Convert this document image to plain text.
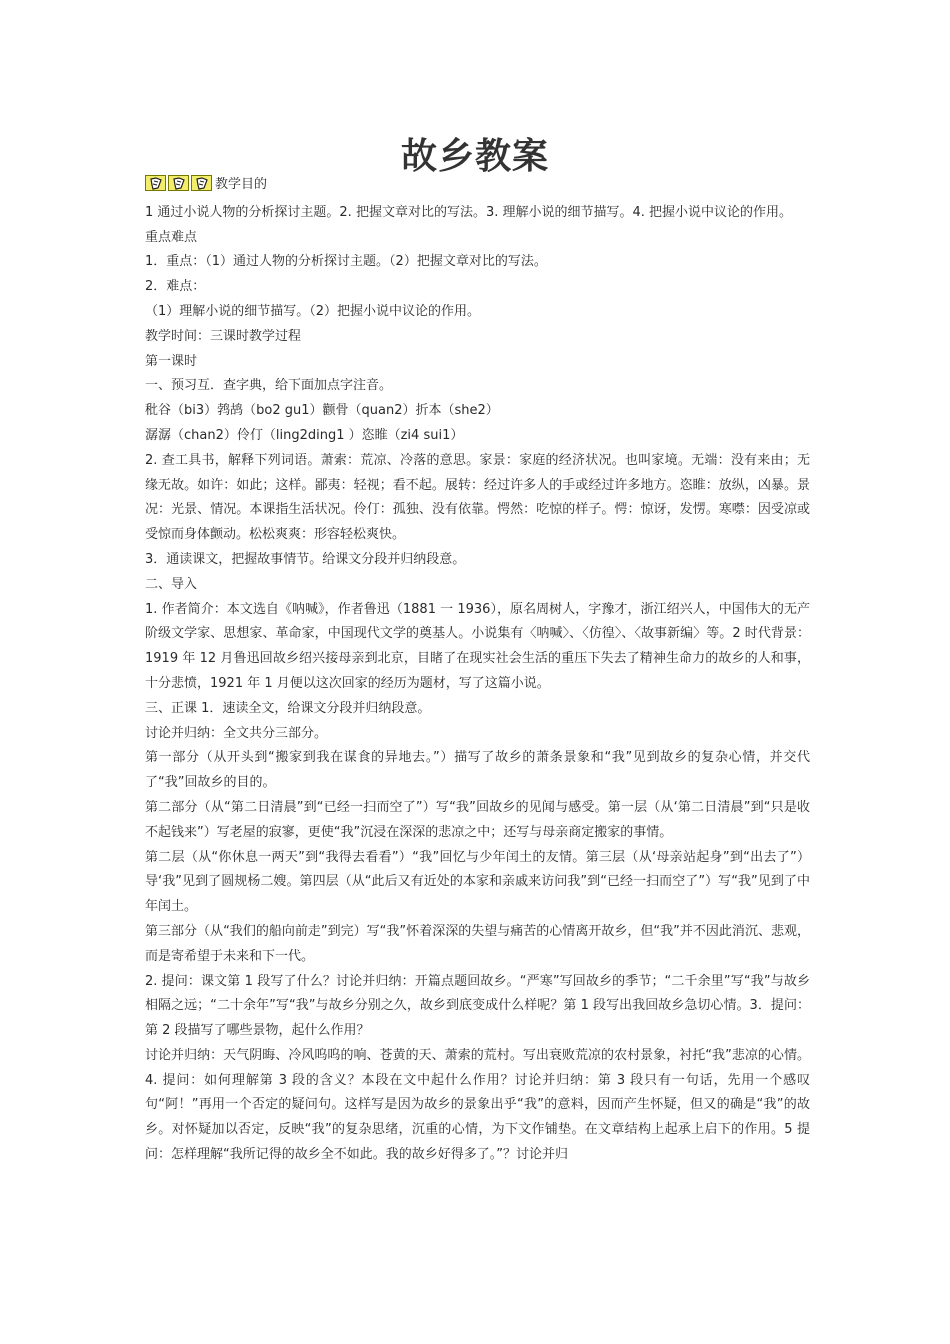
故乡教案

教学目的

1 通过小说人物的分析探讨主题。2. 把握文章对比的写法。3. 理解小说的细节描写。4. 把握小说中议论的作用。

重点难点

1．重点：（1）通过人物的分析探讨主题。（2）把握文章对比的写法。

2．难点：

（1）理解小说的细节描写。（2）把握小说中议论的作用。

教学时间：三课时教学过程

第一课时

一、预习互．查字典，给下面加点字注音。

秕谷（bi3）鹁鸪（bo2 gu1）颧骨（quan2）折本（she2）

潺潺（chan2）伶仃（ling2ding1 ）恣睢（zi4 sui1）

2. 查工具书，解释下列词语。萧索：荒凉、冷落的意思。家景：家庭的经济状况。也叫家境。无端：没有来由；无缘无故。如许：如此；这样。鄙夷：轻视；看不起。展转：经过许多人的手或经过许多地方。恣睢：放纵，凶暴。景况：光景、情况。本课指生活状况。伶仃：孤独、没有依靠。愕然：吃惊的样子。愕：惊讶，发愣。寒噤：因受凉或受惊而身体颤动。松松爽爽：形容轻松爽快。

3．通读课文，把握故事情节。给课文分段并归纳段意。

二、导入

1. 作者简介：本文选自《呐喊》，作者鲁迅（1881 一 1936），原名周树人，字豫才，浙江绍兴人，中国伟大的无产阶级文学家、思想家、革命家，中国现代文学的奠基人。小说集有〈呐喊〉、〈仿徨〉、〈故事新编〉等。2 时代背景：1919 年 12 月鲁迅回故乡绍兴接母亲到北京，目睹了在现实社会生活的重压下失去了精神生命力的故乡的人和事，十分悲愤，1921 年 1 月便以这次回家的经历为题材，写了这篇小说。

三、正课 1．速读全文，给课文分段并归纳段意。

讨论并归纳：全文共分三部分。

第一部分（从开头到“搬家到我在谋食的异地去。”）描写了故乡的萧条景象和“我”见到故乡的复杂心情，并交代了“我”回故乡的目的。

第二部分（从“第二日清晨”到“已经一扫而空了”）写“我”回故乡的见闻与感受。第一层（从‘第二日清晨”到“只是收不起钱来”）写老屋的寂寥，更使“我”沉浸在深深的悲凉之中；还写与母亲商定搬家的事情。

第二层（从“你休息一两天”到“我得去看看”）“我”回忆与少年闰土的友情。第三层（从‘母亲站起身”到“出去了”）导‘我”见到了圆规杨二嫂。第四层（从“此后又有近处的本家和亲戚来访问我”到“已经一扫而空了”）写“我”见到了中年闰土。

第三部分（从“我们的船向前走”到完）写“我”怀着深深的失望与痛苦的心情离开故乡，但“我”并不因此消沉、悲观，而是寄希望于未来和下一代。

2. 提问：课文第 1 段写了什么？讨论并归纳：开篇点题回故乡。“严寒”写回故乡的季节；“二千余里”写“我”与故乡相隔之远；“二十余年”写“我”与故乡分别之久，故乡到底变成什么样呢？第 1 段写出我回故乡急切心情。3．提问：第 2 段描写了哪些景物，起什么作用？

讨论并归纳：天气阴晦、冷风呜呜的响、苍黄的天、萧索的荒村。写出衰败荒凉的农村景象，衬托“我”悲凉的心情。4. 提问：如何理解第 3 段的含义？本段在文中起什么作用？讨论并归纳：第 3 段只有一句话，先用一个感叹句“阿！”再用一个否定的疑问句。这样写是因为故乡的景象出乎“我”的意料，因而产生怀疑，但又的确是“我”的故乡。对怀疑加以否定，反映“我”的复杂思绪，沉重的心情，为下文作铺垫。在文章结构上起承上启下的作用。5 提问：怎样理解“我所记得的故乡全不如此。我的故乡好得多了。”？讨论并归
